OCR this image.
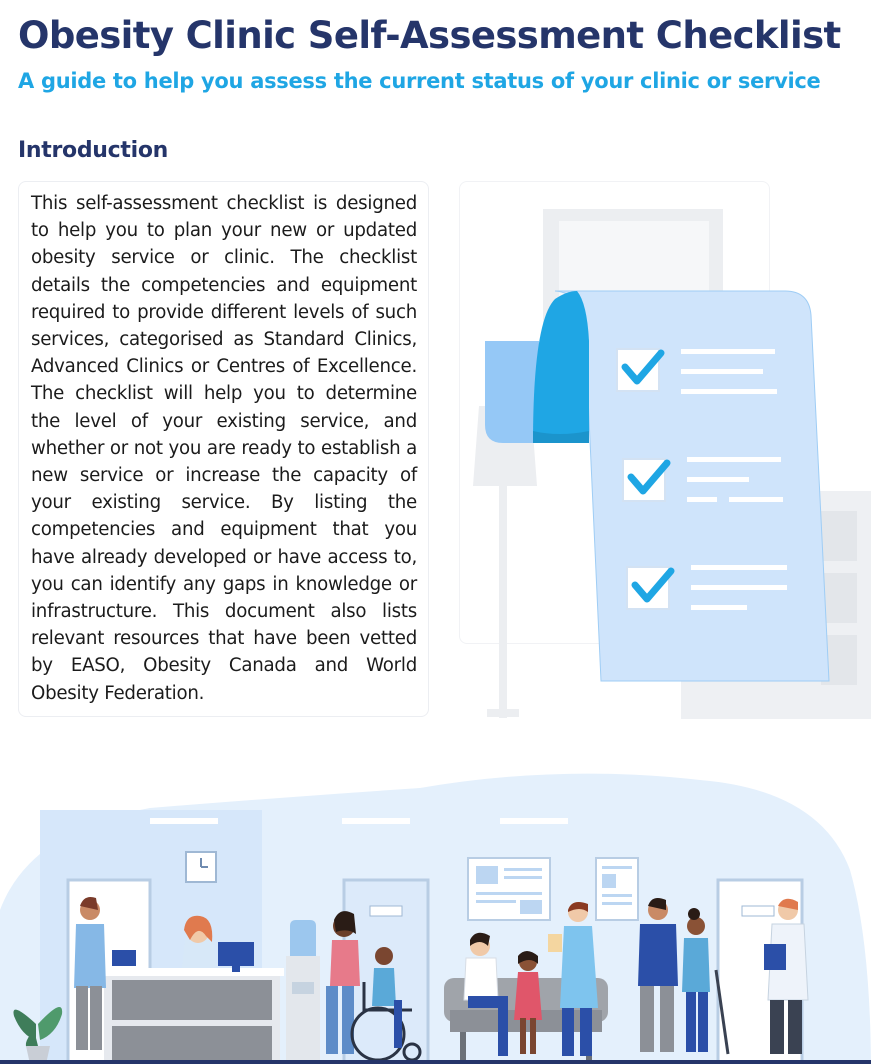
Obesity Clinic Self-Assessment Checklist
A guide to help you assess the current status of your clinic or service
Introduction

This self-assessment checklist is designed to help you to plan your new or updated obesity service or clinic. The checklist details the competencies and equipment required to provide different levels of such services, categorised as Standard Clinics, Advanced Clinics or Centres of Excellence. The checklist will help you to determine the level of your existing service, and whether or not you are ready to establish a new service or increase the capacity of your existing service. By listing the competencies and equipment that you have already developed or have access to, you can identify any gaps in knowledge or infrastructure. This document also lists relevant resources that have been vetted by EASO, Obesity Canada and World Obesity Federation.
